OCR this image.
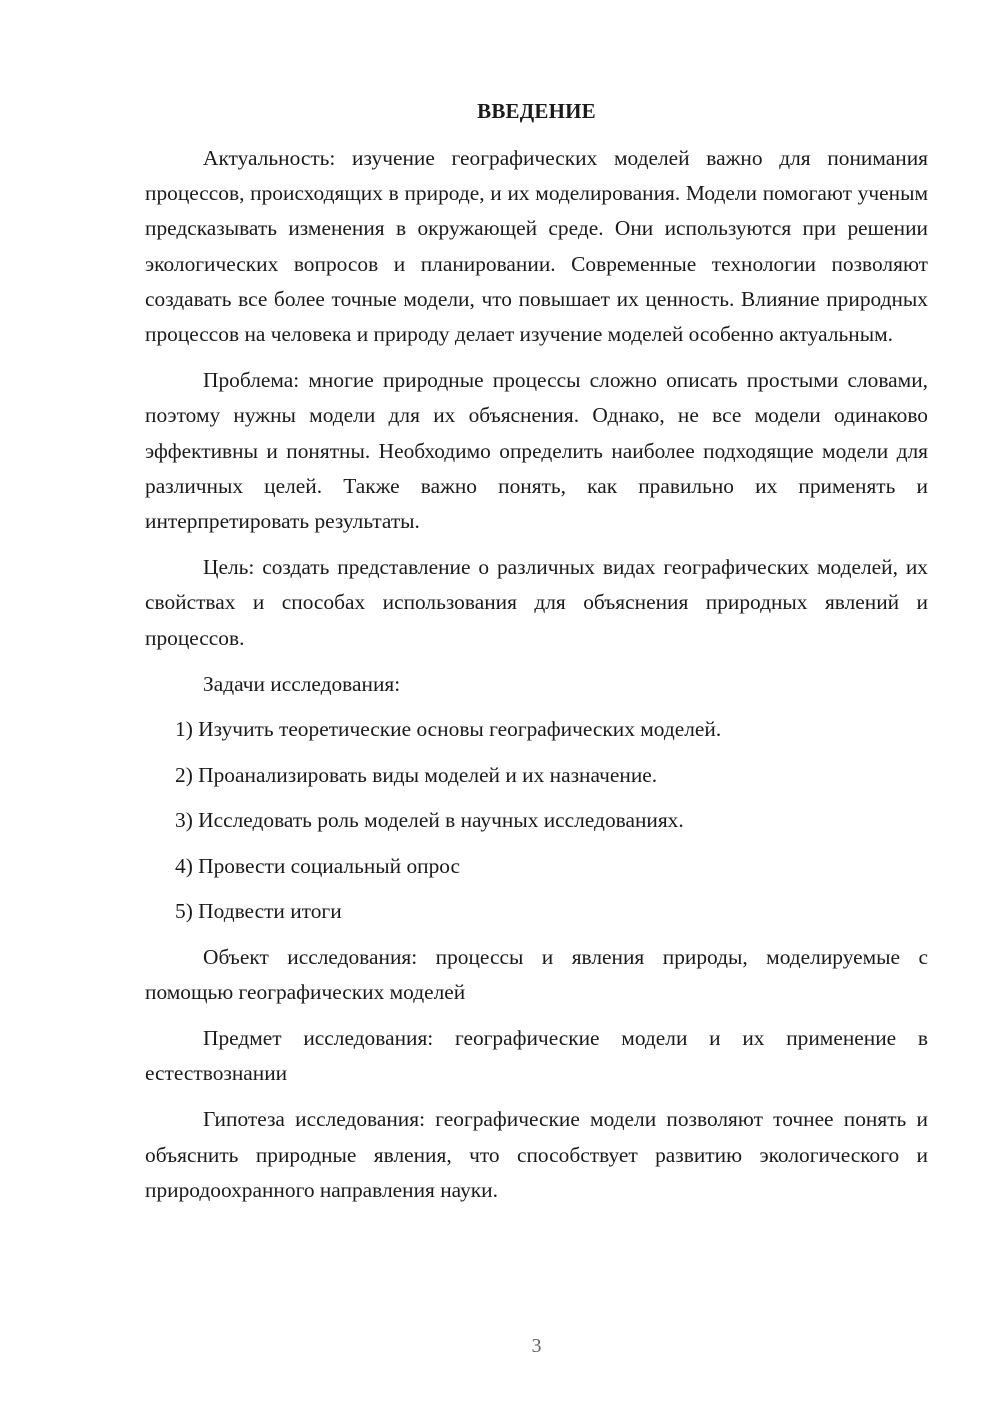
ВВЕДЕНИЕ

Актуальность: изучение географических моделей важно для понимания процессов, происходящих в природе, и их моделирования. Модели помогают ученым предсказывать изменения в окружающей среде. Они используются при решении экологических вопросов и планировании. Современные технологии позволяют создавать все более точные модели, что повышает их ценность. Влияние природных процессов на человека и природу делает изучение моделей особенно актуальным.

Проблема: многие природные процессы сложно описать простыми словами, поэтому нужны модели для их объяснения. Однако, не все модели одинаково эффективны и понятны. Необходимо определить наиболее подходящие модели для различных целей. Также важно понять, как правильно их применять и интерпретировать результаты.

Цель: создать представление о различных видах географических моделей, их свойствах и способах использования для объяснения природных явлений и процессов.

Задачи исследования:

1) Изучить теоретические основы географических моделей.
2) Проанализировать виды моделей и их назначение.
3) Исследовать роль моделей в научных исследованиях.
4) Провести социальный опрос
5) Подвести итоги

Объект исследования: процессы и явления природы, моделируемые с помощью географических моделей

Предмет исследования: географические модели и их применение в естествознании

Гипотеза исследования: географические модели позволяют точнее понять и объяснить природные явления, что способствует развитию экологического и природоохранного направления науки.

3
